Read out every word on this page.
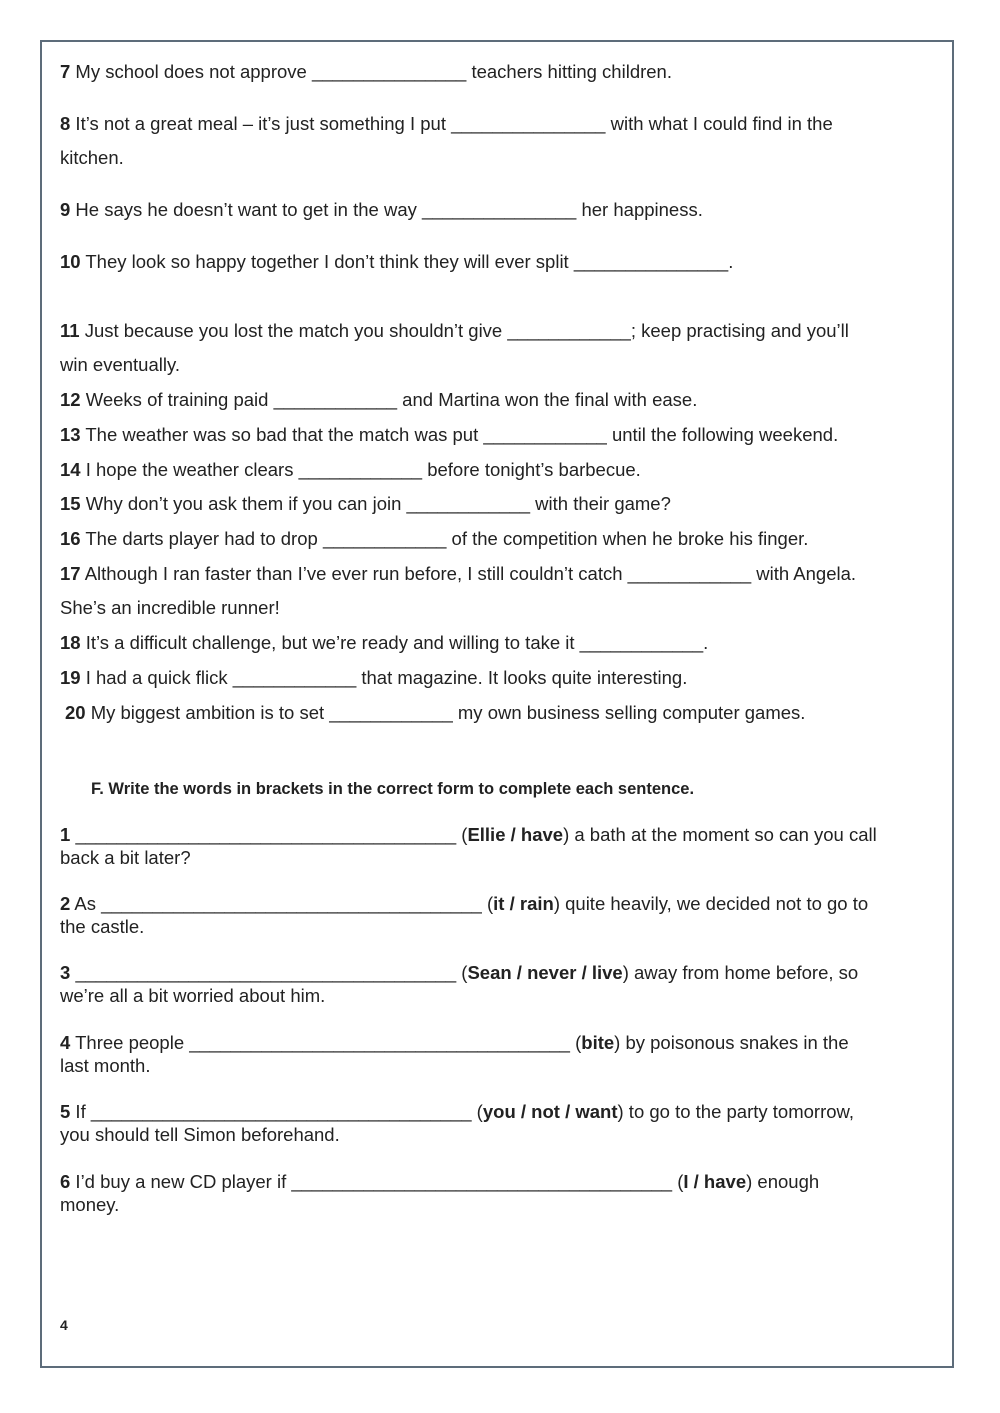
7 My school does not approve _______________ teachers hitting children.
8 It’s not a great meal – it’s just something I put _______________ with what I could find in the
kitchen.
9 He says he doesn’t want to get in the way _______________ her happiness.
10 They look so happy together I don’t think they will ever split _______________.
11 Just because you lost the match you shouldn’t give ____________; keep practising and you’ll
win eventually.
12 Weeks of training paid ____________ and Martina won the final with ease.
13 The weather was so bad that the match was put ____________ until the following weekend.
14 I hope the weather clears ____________ before tonight’s barbecue.
15 Why don’t you ask them if you can join ____________ with their game?
16 The darts player had to drop ____________ of the competition when he broke his finger.
17 Although I ran faster than I’ve ever run before, I still couldn’t catch ____________ with Angela.
She’s an incredible runner!
18 It’s a difficult challenge, but we’re ready and willing to take it ____________.
19 I had a quick flick ____________ that magazine. It looks quite interesting.
20 My biggest ambition is to set ____________ my own business selling computer games.
F. Write the words in brackets in the correct form to complete each sentence.
1 _____________________________________ (Ellie / have) a bath at the moment so can you call
back a bit later?
2 As _____________________________________ (it / rain) quite heavily, we decided not to go to
the castle.
3 _____________________________________ (Sean / never / live) away from home before, so
we’re all a bit worried about him.
4 Three people _____________________________________ (bite) by poisonous snakes in the
last month.
5 If _____________________________________ (you / not / want) to go to the party tomorrow,
you should tell Simon beforehand.
6 I’d buy a new CD player if _____________________________________ (I / have) enough
money.
4
